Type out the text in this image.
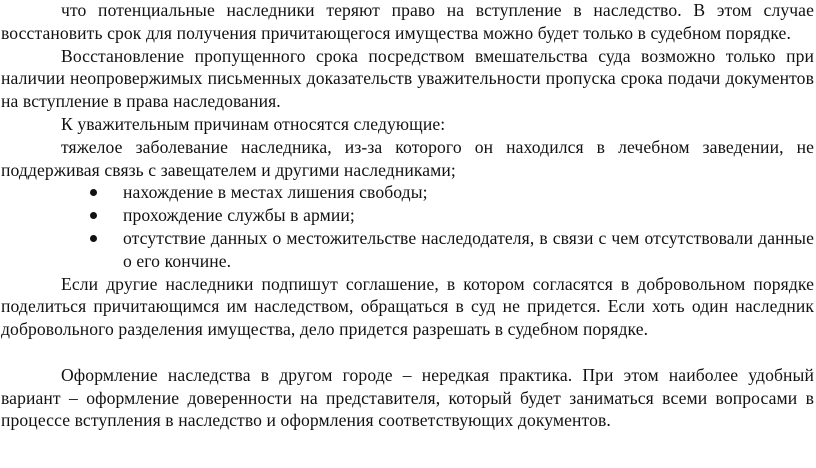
что потенциальные наследники теряют право на вступление в наследство. В этом случае восстановить срок для получения причитающегося имущества можно будет только в судебном порядке.

Восстановление пропущенного срока посредством вмешательства суда возможно только при наличии неопровержимых письменных доказательств уважительности пропуска срока подачи документов на вступление в права наследования.

К уважительным причинам относятся следующие:

тяжелое заболевание наследника, из-за которого он находился в лечебном заведении, не поддерживая связь с завещателем и другими наследниками;

нахождение в местах лишения свободы;
прохождение службы в армии;
отсутствие данных о местожительстве наследодателя, в связи с чем отсутствовали данные о его кончине.

Если другие наследники подпишут соглашение, в котором согласятся в добровольном порядке поделиться причитающимся им наследством, обращаться в суд не придется. Если хоть один наследник добровольного разделения имущества, дело придется разрешать в судебном порядке.

Оформление наследства в другом городе – нередкая практика. При этом наиболее удобный вариант – оформление доверенности на представителя, который будет заниматься всеми вопросами в процессе вступления в наследство и оформления соответствующих документов.
